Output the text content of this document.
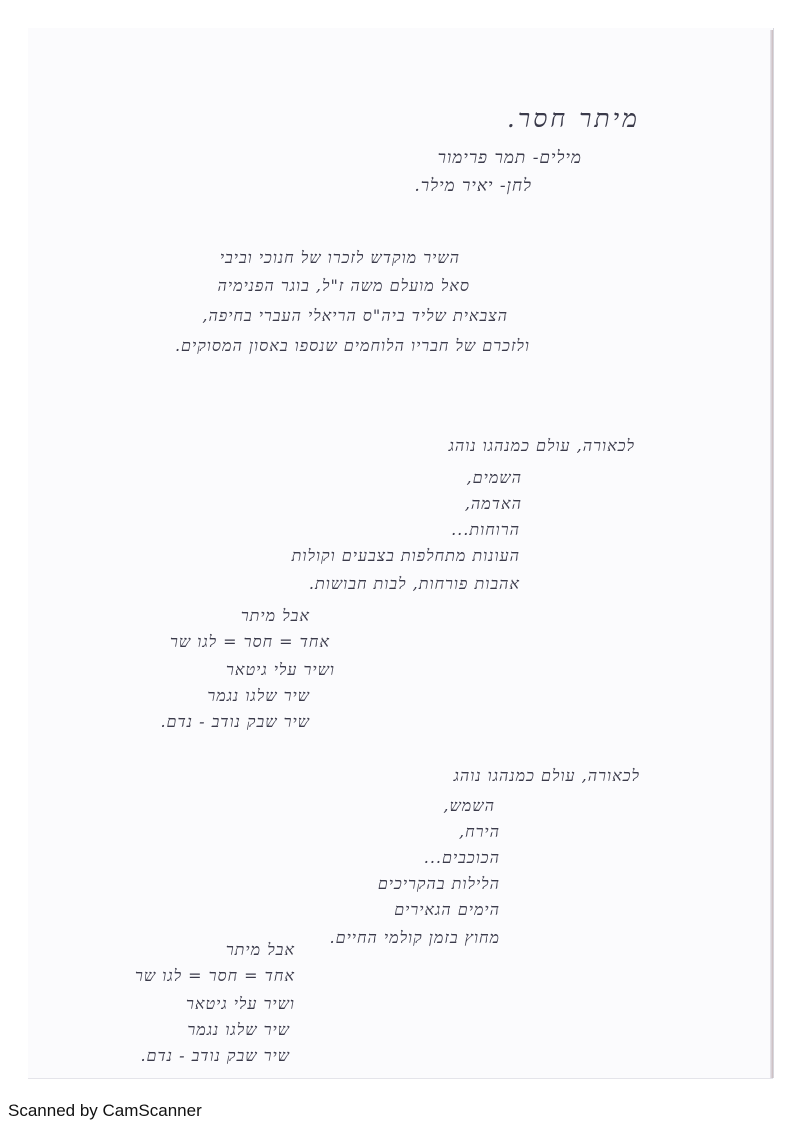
מיתר חסר.
מילים- תמר פרימור
לחן- יאיר מילר.
השיר מוקדש לזכרו של חנוכי וביבי
סאל מועלם משה ז"ל, בוגר הפנימיה
הצבאית שליד ביה"ס הריאלי העברי בחיפה,
ולזכרם של חבריו הלוחמים שנספו באסון המסוקים.
לכאורה, עולם כמנהגו נוהג
השמים,
האדמה,
הרוחות...
העונות מתחלפות בצבעים וקולות
אהבות פורחות, לבות חבושות.
אבל מיתר
אחד = חסר = לגו שר
ושיר עלי גיטאר
שיר שלגו נגמר
שיר שבק נודב - נדם.
לכאורה, עולם כמנהגו נוהג
השמש,
הירח,
הכוכבים...
הלילות בהקריכים
הימים הגאירים
מחוץ בזמן קולמי החיים.
אבל מיתר
אחד = חסר = לגו שר
ושיר עלי גיטאר
שיר שלגו נגמר
שיר שבק נודב - נדם.
Scanned by CamScanner
